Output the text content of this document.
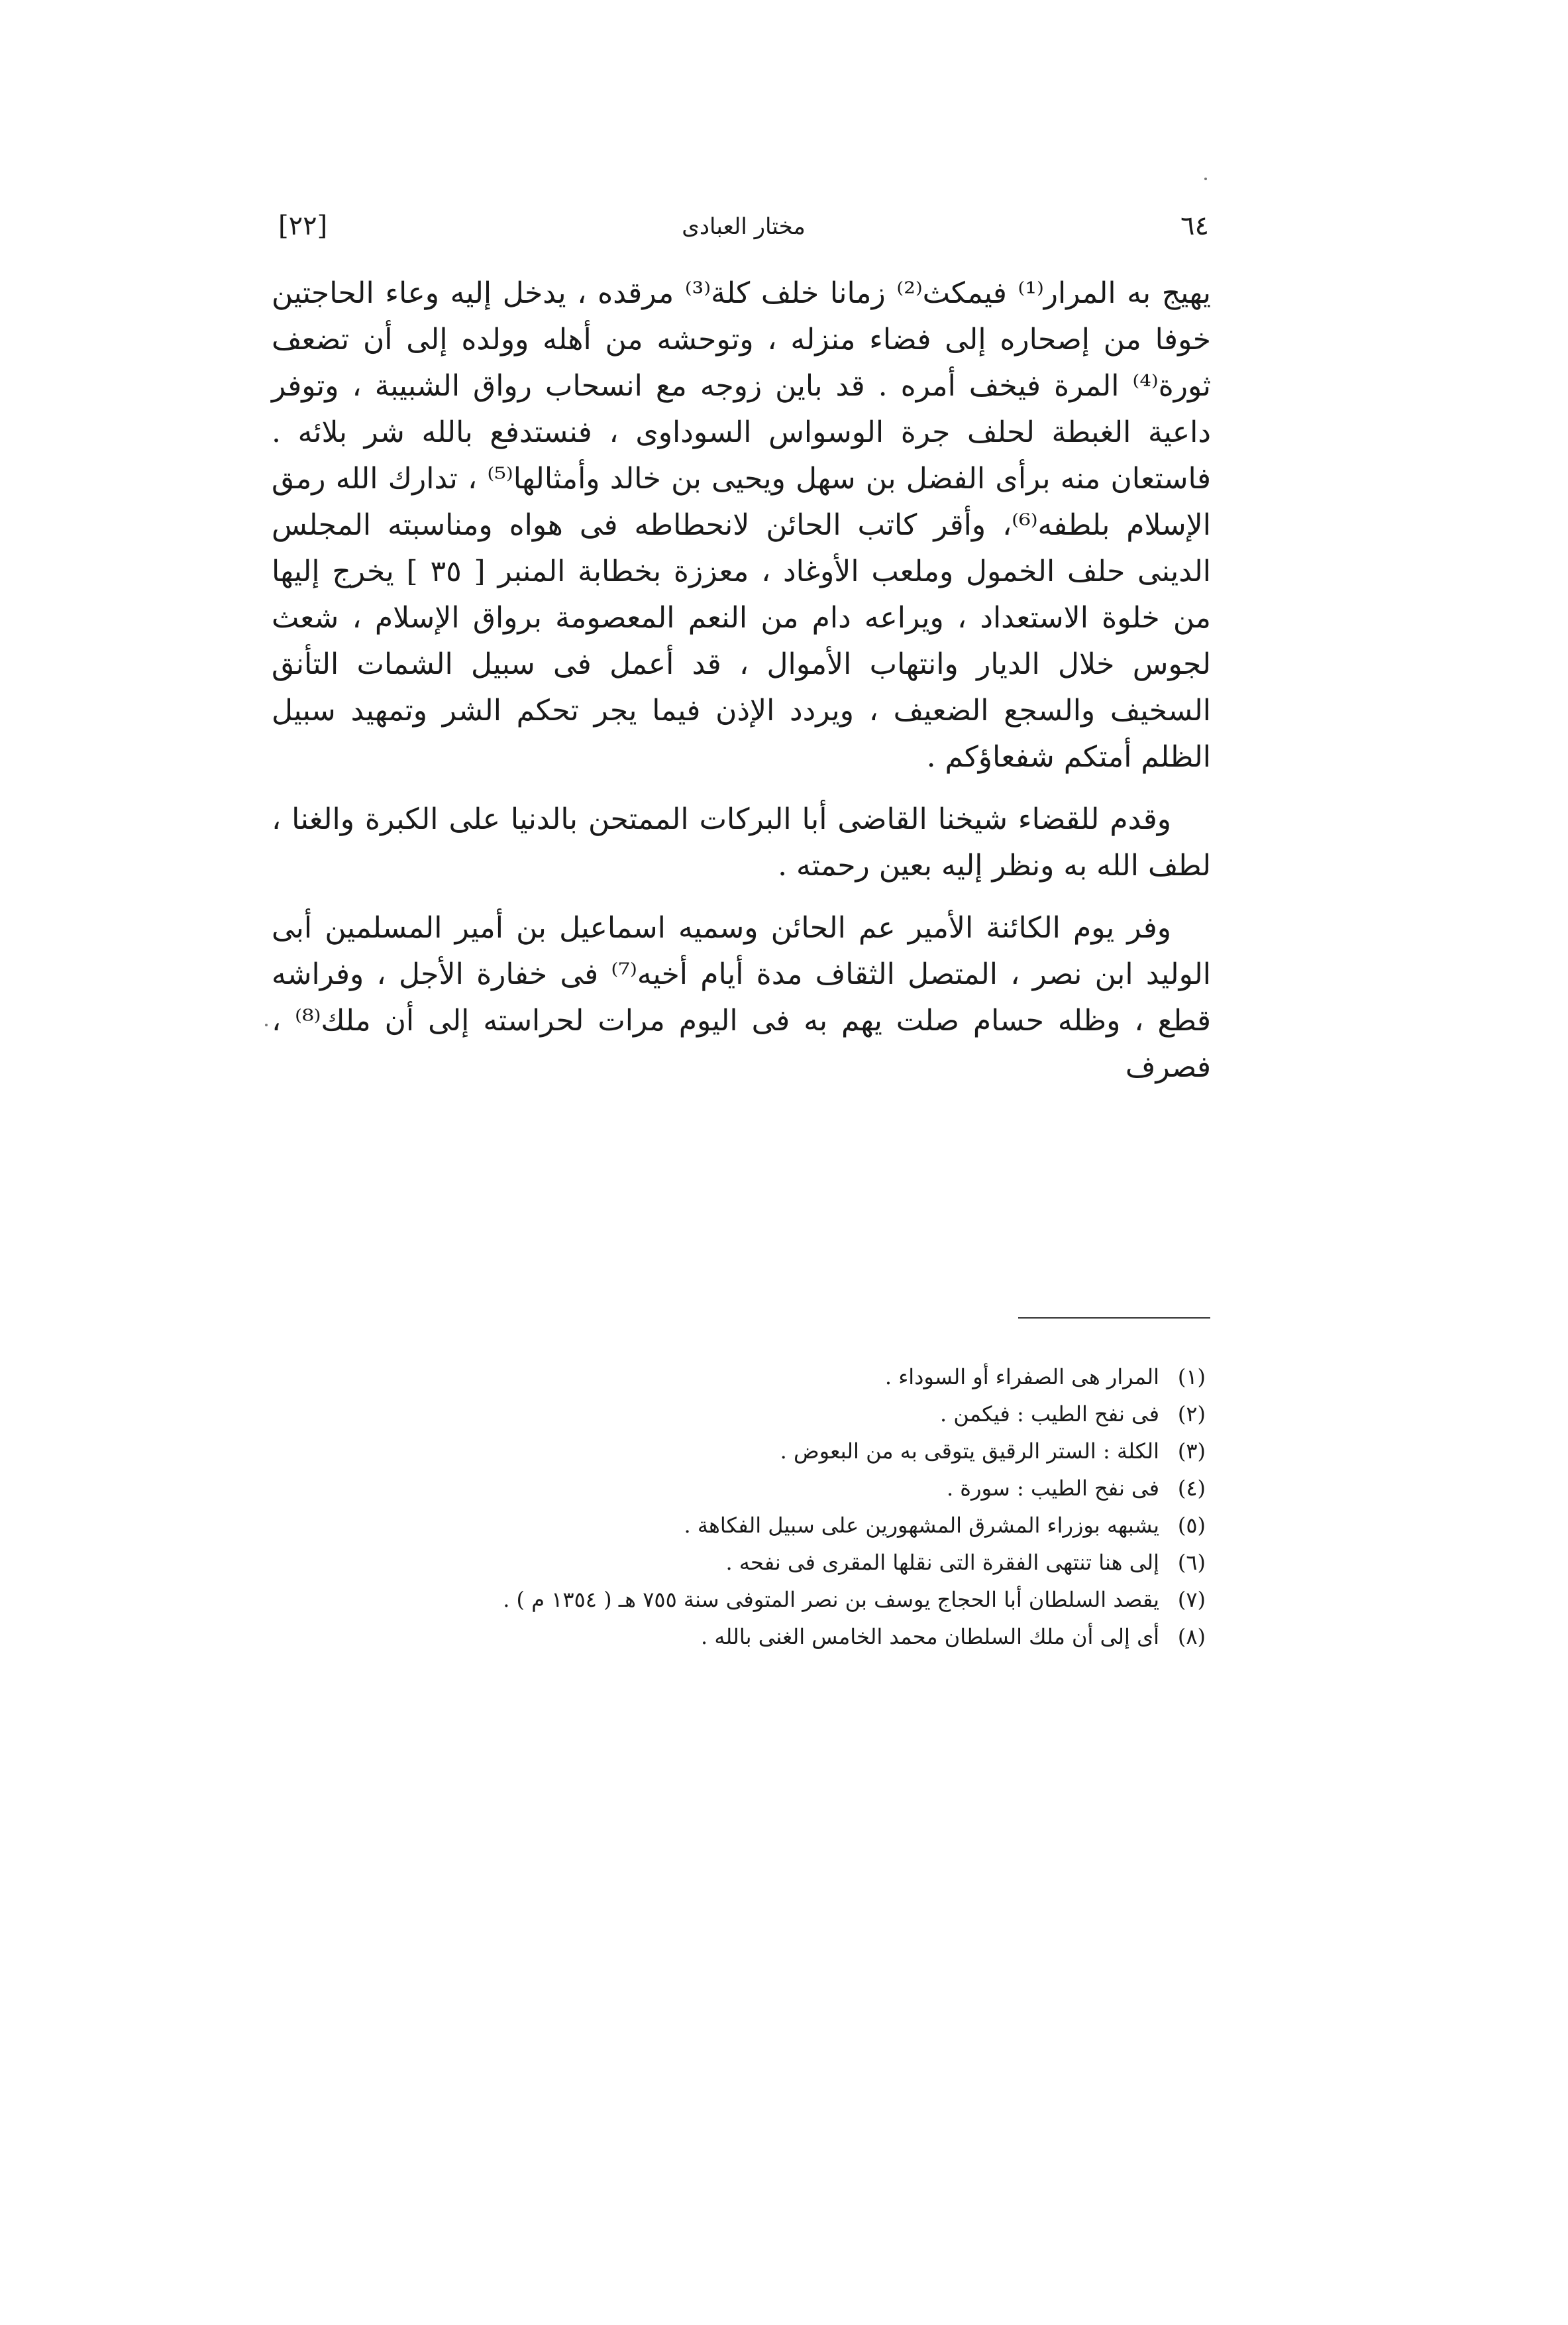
[٢٢]	مختار العبادى	٦٤

يهيج به المرار⁽¹⁾ فيمكث⁽²⁾ زمانا خلف كلة⁽³⁾ مرقده ، يدخل إليه وعاء الحاجتين خوفا من إصحاره إلى فضاء منزله ، وتوحشه من أهله وولده إلى أن تضعف ثورة⁽⁴⁾ المرة فيخف أمره . قد باين زوجه مع انسحاب رواق الشبيبة ، وتوفر داعية الغبطة لحلف جرة الوسواس السوداوى ، فنستدفع بالله شر بلائه . فاستعان منه برأى الفضل بن سهل ويحيى بن خالد وأمثالها⁽⁵⁾ ، تدارك الله رمق الإسلام بلطفه⁽⁶⁾، وأقر كاتب الحائن لانحطاطه فى هواه ومناسبته المجلس الدينى حلف الخمول وملعب الأوغاد ، معززة بخطابة المنبر [ ٣٥ ] يخرج إليها من خلوة الاستعداد ، ويراعه دام من النعم المعصومة برواق الإسلام ، شعث لجوس خلال الديار وانتهاب الأموال ، قد أعمل فى سبيل الشمات التأنق السخيف والسجع الضعيف ، ويردد الإذن فيما يجر تحكم الشر وتمهيد سبيل الظلم أمتكم شفعاؤكم .

وقدم للقضاء شيخنا القاضى أبا البركات الممتحن بالدنيا على الكبرة والغنا ، لطف الله به ونظر إليه بعين رحمته .

وفر يوم الكائنة الأمير عم الحائن وسميه اسماعيل بن أمير المسلمين أبى الوليد ابن نصر ، المتصل الثقاف مدة أيام أخيه⁽⁷⁾ فى خفارة الأجل ، وفراشه قطع ، وظله حسام صلت يهم به فى اليوم مرات لحراسته إلى أن ملك⁽⁸⁾ ، فصرف

(١)
المرار هى الصفراء أو السوداء .
(٢)
فى نفح الطيب : فيكمن .
(٣)
الكلة : الستر الرقيق يتوقى به من البعوض .
(٤)
فى نفح الطيب : سورة .
(٥)
يشبهه بوزراء المشرق المشهورين على سبيل الفكاهة .
(٦)
إلى هنا تنتهى الفقرة التى نقلها المقرى فى نفحه .
(٧)
يقصد السلطان أبا الحجاج يوسف بن نصر المتوفى سنة ٧٥٥ هـ ( ١٣٥٤ م ) .
(٨)
أى إلى أن ملك السلطان محمد الخامس الغنى بالله .
